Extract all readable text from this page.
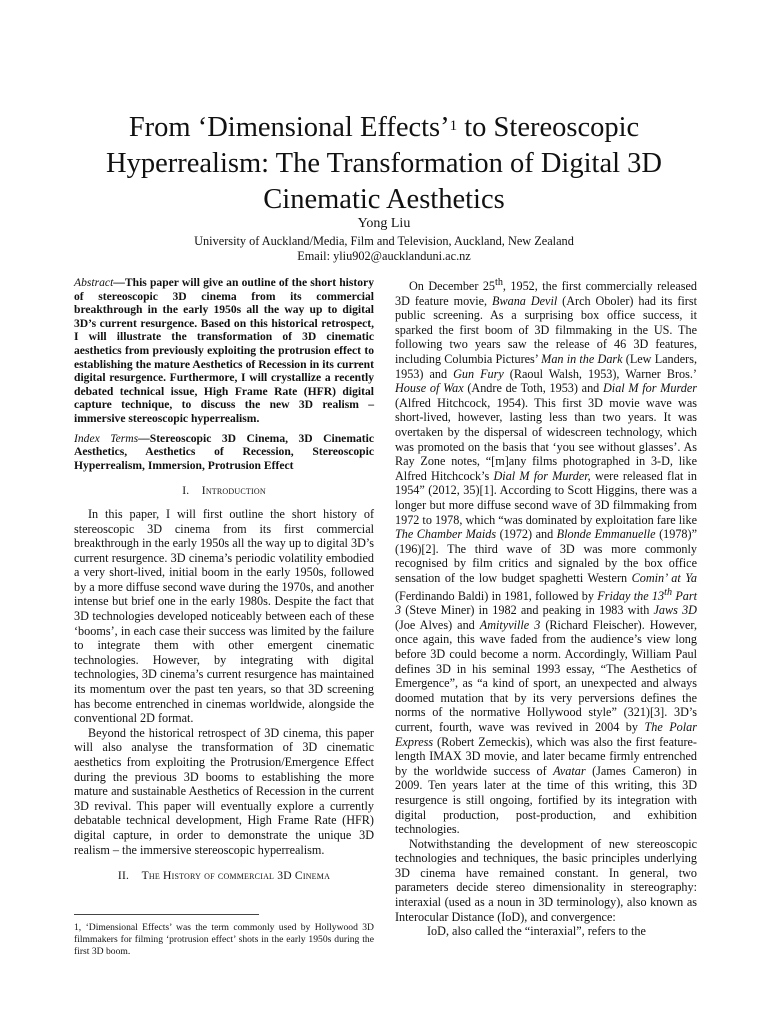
From ‘Dimensional Effects’$^1$ to Stereoscopic Hyperrealism: The Transformation of Digital 3D Cinematic Aesthetics

Yong Liu

University of Auckland/Media, Film and Television, Auckland, New Zealand

Email: yliu902@aucklanduni.ac.nz

Abstract—This paper will give an outline of the short history of stereoscopic 3D cinema from its commercial breakthrough in the early 1950s all the way up to digital 3D’s current resurgence. Based on this historical retrospect, I will illustrate the transformation of 3D cinematic aesthetics from previously exploiting the protrusion effect to establishing the mature Aesthetics of Recession in its current digital resurgence. Furthermore, I will crystallize a recently debated technical issue, High Frame Rate (HFR) digital capture technique, to discuss the new 3D realism – immersive stereoscopic hyperrealism.

Index Terms—Stereoscopic 3D Cinema, 3D Cinematic Aesthetics, Aesthetics of Recession, Stereoscopic Hyperrealism, Immersion, Protrusion Effect

I. Introduction

In this paper, I will first outline the short history of stereoscopic 3D cinema from its first commercial breakthrough in the early 1950s all the way up to digital 3D’s current resurgence. 3D cinema’s periodic volatility embodied a very short-lived, initial boom in the early 1950s, followed by a more diffuse second wave during the 1970s, and another intense but brief one in the early 1980s. Despite the fact that 3D technologies developed noticeably between each of these ‘booms’, in each case their success was limited by the failure to integrate them with other emergent cinematic technologies. However, by integrating with digital technologies, 3D cinema’s current resurgence has maintained its momentum over the past ten years, so that 3D screening has become entrenched in cinemas worldwide, alongside the conventional 2D format.

Beyond the historical retrospect of 3D cinema, this paper will also analyse the transformation of 3D cinematic aesthetics from exploiting the Protrusion/Emergence Effect during the previous 3D booms to establishing the more mature and sustainable Aesthetics of Recession in the current 3D revival. This paper will eventually explore a currently debatable technical development, High Frame Rate (HFR) digital capture, in order to demonstrate the unique 3D realism – the immersive stereoscopic hyperrealism.

II. The History of commercial 3D Cinema

1, ‘Dimensional Effects’ was the term commonly used by Hollywood 3D filmmakers for filming ‘protrusion effect’ shots in the early 1950s during the first 3D boom.

On December 25th, 1952, the first commercially released 3D feature movie, Bwana Devil (Arch Oboler) had its first public screening. As a surprising box office success, it sparked the first boom of 3D filmmaking in the US. The following two years saw the release of 46 3D features, including Columbia Pictures’ Man in the Dark (Lew Landers, 1953) and Gun Fury (Raoul Walsh, 1953), Warner Bros.’ House of Wax (Andre de Toth, 1953) and Dial M for Murder (Alfred Hitchcock, 1954). This first 3D movie wave was short-lived, however, lasting less than two years. It was overtaken by the dispersal of widescreen technology, which was promoted on the basis that ‘you see without glasses’. As Ray Zone notes, “[m]any films photographed in 3-D, like Alfred Hitchcock’s Dial M for Murder, were released flat in 1954” (2012, 35)[1]. According to Scott Higgins, there was a longer but more diffuse second wave of 3D filmmaking from 1972 to 1978, which “was dominated by exploitation fare like The Chamber Maids (1972) and Blonde Emmanuelle (1978)” (196)[2]. The third wave of 3D was more commonly recognised by film critics and signaled by the box office sensation of the low budget spaghetti Western Comin’ at Ya (Ferdinando Baldi) in 1981, followed by Friday the 13th Part 3 (Steve Miner) in 1982 and peaking in 1983 with Jaws 3D (Joe Alves) and Amityville 3 (Richard Fleischer). However, once again, this wave faded from the audience’s view long before 3D could become a norm. Accordingly, William Paul defines 3D in his seminal 1993 essay, “The Aesthetics of Emergence”, as “a kind of sport, an unexpected and always doomed mutation that by its very perversions defines the norms of the normative Hollywood style” (321)[3]. 3D’s current, fourth, wave was revived in 2004 by The Polar Express (Robert Zemeckis), which was also the first feature-length IMAX 3D movie, and later became firmly entrenched by the worldwide success of Avatar (James Cameron) in 2009. Ten years later at the time of this writing, this 3D resurgence is still ongoing, fortified by its integration with digital production, post-production, and exhibition technologies.

Notwithstanding the development of new stereoscopic technologies and techniques, the basic principles underlying 3D cinema have remained constant. In general, two parameters decide stereo dimensionality in stereography: interaxial (used as a noun in 3D terminology), also known as Interocular Distance (IoD), and convergence:

IoD, also called the “interaxial”, refers to the
